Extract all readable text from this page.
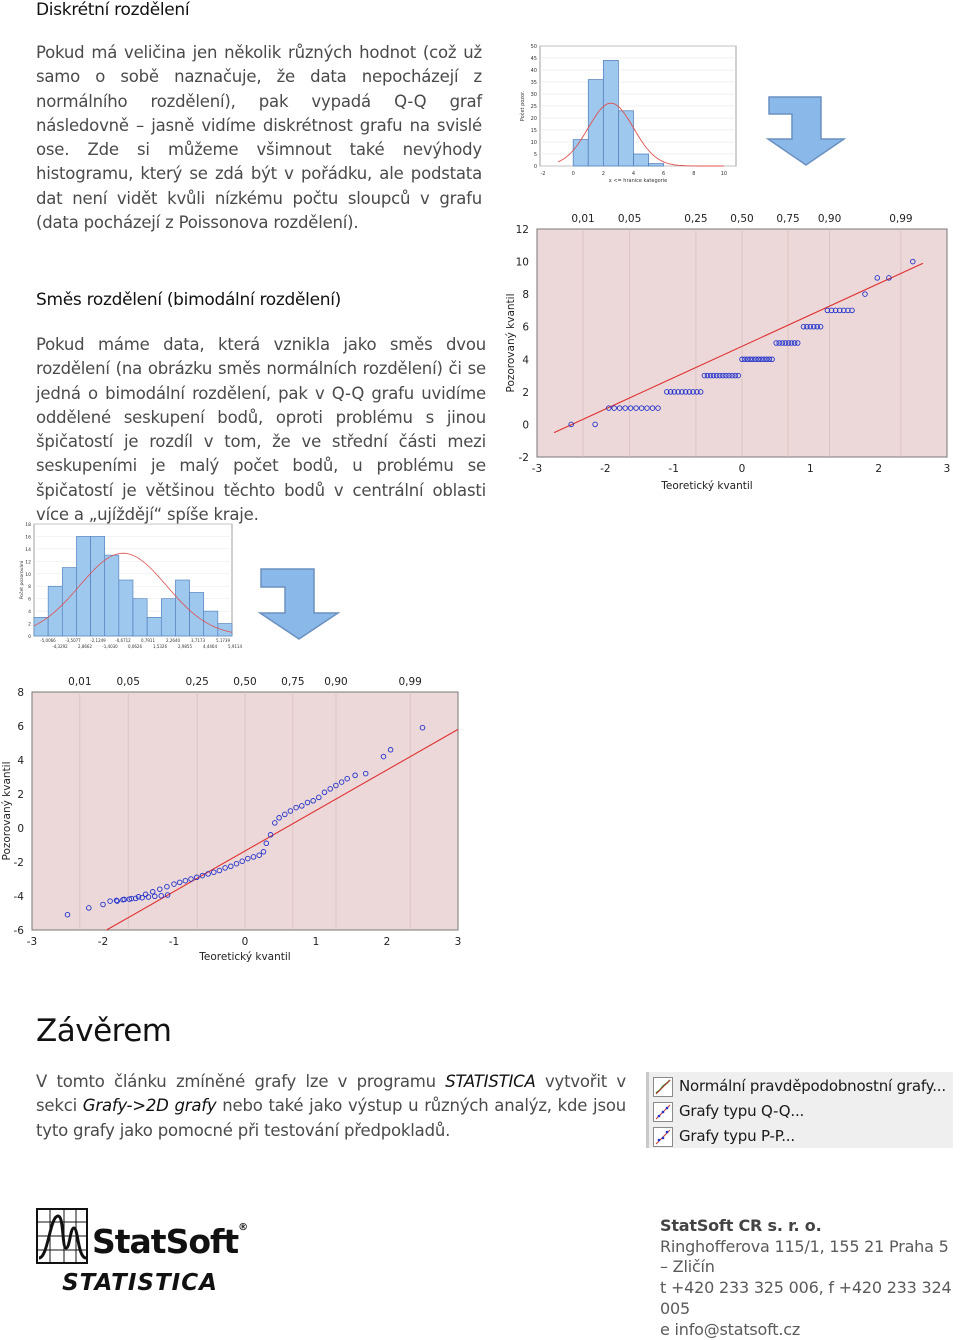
Diskrétní rozdělení
Pokud má veličina jen několik různých hodnot (což už samo o sobě naznačuje, že data nepocházejí z normálního rozdělení), pak vypadá Q-Q graf následovně – jasně vidíme diskrétnost grafu na svislé ose. Zde si můžeme všimnout také nevýhody histogramu, který se zdá být v pořádku, ale podstata dat není vidět kvůli nízkému počtu sloupců v grafu (data pocházejí z Poissonova rozdělení).
0
5
10
15
20
25
30
35
40
45
50
-2	0	2	4	6	8	10
Počet pozor.
x <= hranice kategorie
0,01 0,05	0,25 0,50 0,75 0,90	0,99
-2
0
2
4
6
8
10
12
-3	-2	-1	0	1	2	3
Pozorovaný kvantil
Teoretický kvantil
Směs rozdělení (bimodální rozdělení)
Pokud máme data, která vznikla jako směs dvou rozdělení (na obrázku směs normálních rozdělení) či se jedná o bimodální rozdělení, pak v Q-Q grafu uvidíme oddělené seskupení bodů, oproti problému s jinou špičatostí je rozdíl v tom, že ve střední části mezi seskupeními je malý počet bodů, u problému se špičatostí je většinou těchto bodů v centrální oblasti více a „ujíždějí“ spíše kraje.
0
2
4
6
8
10
12
14
16
18
-5,0066 -3,5077 -2,1249 -0,6712	0,7911	2,2640	3,7173	5,1739
-4,3292	2,8662	-1,4030	0,0626	1,5326	2,9855	4,4464	5,9114
Počet pozorování
0,01 0,05	0,25 0,50 0,75 0,90	0,99
-6
-4
-2
0
2
4
6
8
-3	-2	-1	0	1	2	3
Pozorovaný kvantil
Teoretický kvantil
Závěrem
V tomto článku zmíněné grafy lze v programu STATISTICA vytvořit v sekci Grafy->2D grafy nebo také jako výstup u různých analýz, kde jsou tyto grafy jako pomocné při testování předpokladů.
Normální pravděpodobnostní grafy...
Grafy typu Q-Q...
Grafy typu P-P...
StatSoft®
STATISTICA
StatSoft CR s. r. o.
Ringhofferova 115/1, 155 21 Praha 5 – Zličín
t +420 233 325 006, f +420 233 324 005
e info@statsoft.cz
